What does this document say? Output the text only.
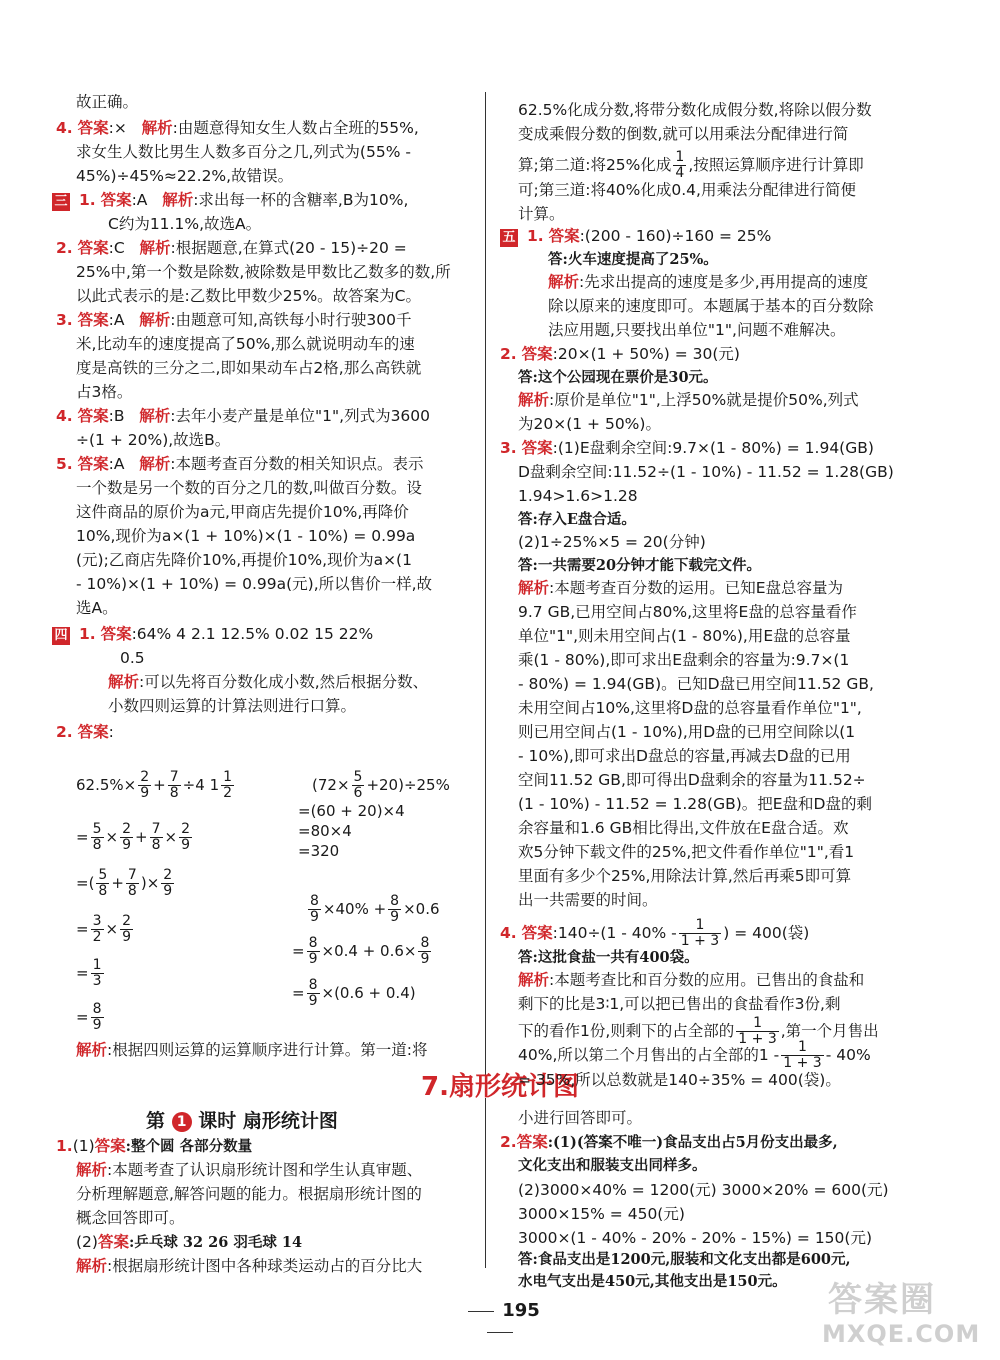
故正确。
4. 答案:× 解析:由题意得知女生人数占全班的55%,
求女生人数比男生人数多百分之几,列式为(55% -
45%)÷45%≈22.2%,故错误。
三 1. 答案:A 解析:求出每一杯的含糖率,B为10%,
C约为11.1%,故选A。
2. 答案:C 解析:根据题意,在算式(20 - 15)÷20 =
25%中,第一个数是除数,被除数是甲数比乙数多的数,所
以此式表示的是:乙数比甲数少25%。故答案为C。
3. 答案:A 解析:由题意可知,高铁每小时行驶300千
米,比动车的速度提高了50%,那么就说明动车的速
度是高铁的三分之二,即如果动车占2格,那么高铁就
占3格。
4. 答案:B 解析:去年小麦产量是单位"1",列式为3600
÷(1 + 20%),故选B。
5. 答案:A 解析:本题考查百分数的相关知识点。表示
一个数是另一个数的百分之几的数,叫做百分数。设
这件商品的原价为a元,甲商店先提价10%,再降价
10%,现价为a×(1 + 10%)×(1 - 10%) = 0.99a
(元);乙商店先降价10%,再提价10%,现价为a×(1
- 10%)×(1 + 10%) = 0.99a(元),所以售价一样,故
选A。
四 1. 答案:64% 4 2.1 12.5% 0.02 15 22%
0.5
解析:可以先将百分数化成小数,然后根据分数、
小数四则运算的计算法则进行口算。
2. 答案:
$62.5\%\times \frac{2}{9} + \frac{7}{8} \div 4$ $1 \frac{1}{2}$	$(72\times \frac{5}{6} +20)\div 25\%$
=(60 + 20)×4
=80×4
=320
= $\frac{5}{8} \times \frac{2}{9} + \frac{7}{8} \times \frac{2}{9}$
=( $\frac{5}{8} + \frac{7}{8}$ )× $\frac{2}{9}$
= $\frac{3}{2} \times \frac{2}{9}$
= $\frac{1}{3}$
$\frac{8}{9} \times 40\% + \frac{8}{9} \times 0.6$
= $\frac{8}{9} \times 0.4 + 0.6\times \frac{8}{9}$
= $\frac{8}{9} \times(0.6 + 0.4)$
= $\frac{8}{9}$
解析:根据四则运算的运算顺序进行计算。第一道:将
62.5%化成分数,将带分数化成假分数,将除以假分数
变成乘假分数的倒数,就可以用乘法分配律进行简
算;第二道:将25%化成 $\frac{1}{4}$ ,按照运算顺序进行计算即
可;第三道:将40%化成0.4,用乘法分配律进行简便
计算。
五 1. 答案:(200 - 160)÷160 = 25%
答:火车速度提高了25%。
解析:先求出提高的速度是多少,再用提高的速度
除以原来的速度即可。本题属于基本的百分数除
法应用题,只要找出单位"1",问题不难解决。
2. 答案:20×(1 + 50%) = 30(元)
答:这个公园现在票价是30元。
解析:原价是单位"1",上浮50%就是提价50%,列式
为20×(1 + 50%)。
3. 答案:(1)E盘剩余空间:9.7×(1 - 80%) = 1.94(GB)
D盘剩余空间:11.52÷(1 - 10%) - 11.52 = 1.28(GB)
1.94>1.6>1.28
答:存入E盘合适。
(2)1÷25%×5 = 20(分钟)
答:一共需要20分钟才能下载完文件。
解析:本题考查百分数的运用。已知E盘总容量为
9.7 GB,已用空间占80%,这里将E盘的总容量看作
单位"1",则未用空间占(1 - 80%),用E盘的总容量
乘(1 - 80%),即可求出E盘剩余的容量为:9.7×(1
- 80%) = 1.94(GB)。已知D盘已用空间11.52 GB,
未用空间占10%,这里将D盘的总容量看作单位"1",
则已用空间占(1 - 10%),用D盘的已用空间除以(1
- 10%),即可求出D盘总的容量,再减去D盘的已用
空间11.52 GB,即可得出D盘剩余的容量为11.52÷
(1 - 10%) - 11.52 = 1.28(GB)。把E盘和D盘的剩
余容量和1.6 GB相比得出,文件放在E盘合适。欢
欢5分钟下载文件的25%,把文件看作单位"1",看1
里面有多少个25%,用除法计算,然后再乘5即可算
出一共需要的时间。
4. 答案:140÷(1 - $40\% - \frac{1}{1 + 3}$ ) = 400(袋)
答:这批食盐一共有400袋。
解析:本题考查比和百分数的应用。已售出的食盐和
剩下的比是3∶1,可以把已售出的食盐看作3份,剩
下的看作1份,则剩下的占全部的 $\frac{1}{1 + 3}$ ,第一个月售出
40%,所以第二个月售出的占全部的$1 - \frac{1}{1 + 3} - 40\%$
7.扇形统计图
= 35%,所以总数就是140÷35% = 400(袋)。
第 1 课时 扇形统计图
1.(1)答案:整个圆 各部分数量
解析:本题考查了认识扇形统计图和学生认真审题、
分析理解题意,解答问题的能力。根据扇形统计图的
概念回答即可。
(2)答案:乒乓球 32 26 羽毛球 14
解析:根据扇形统计图中各种球类运动占的百分比大
小进行回答即可。
2.答案:(1)(答案不唯一)食品支出占5月份支出最多,
文化支出和服装支出同样多。
(2)3000×40% = 1200(元) 3000×20% = 600(元)
3000×15% = 450(元)
3000×(1 - 40% - 20% - 20% - 15%) = 150(元)
答:食品支出是1200元,服装和文化支出都是600元,
水电气支出是450元,其他支出是150元。
195	答案圈
MXQE.COM
